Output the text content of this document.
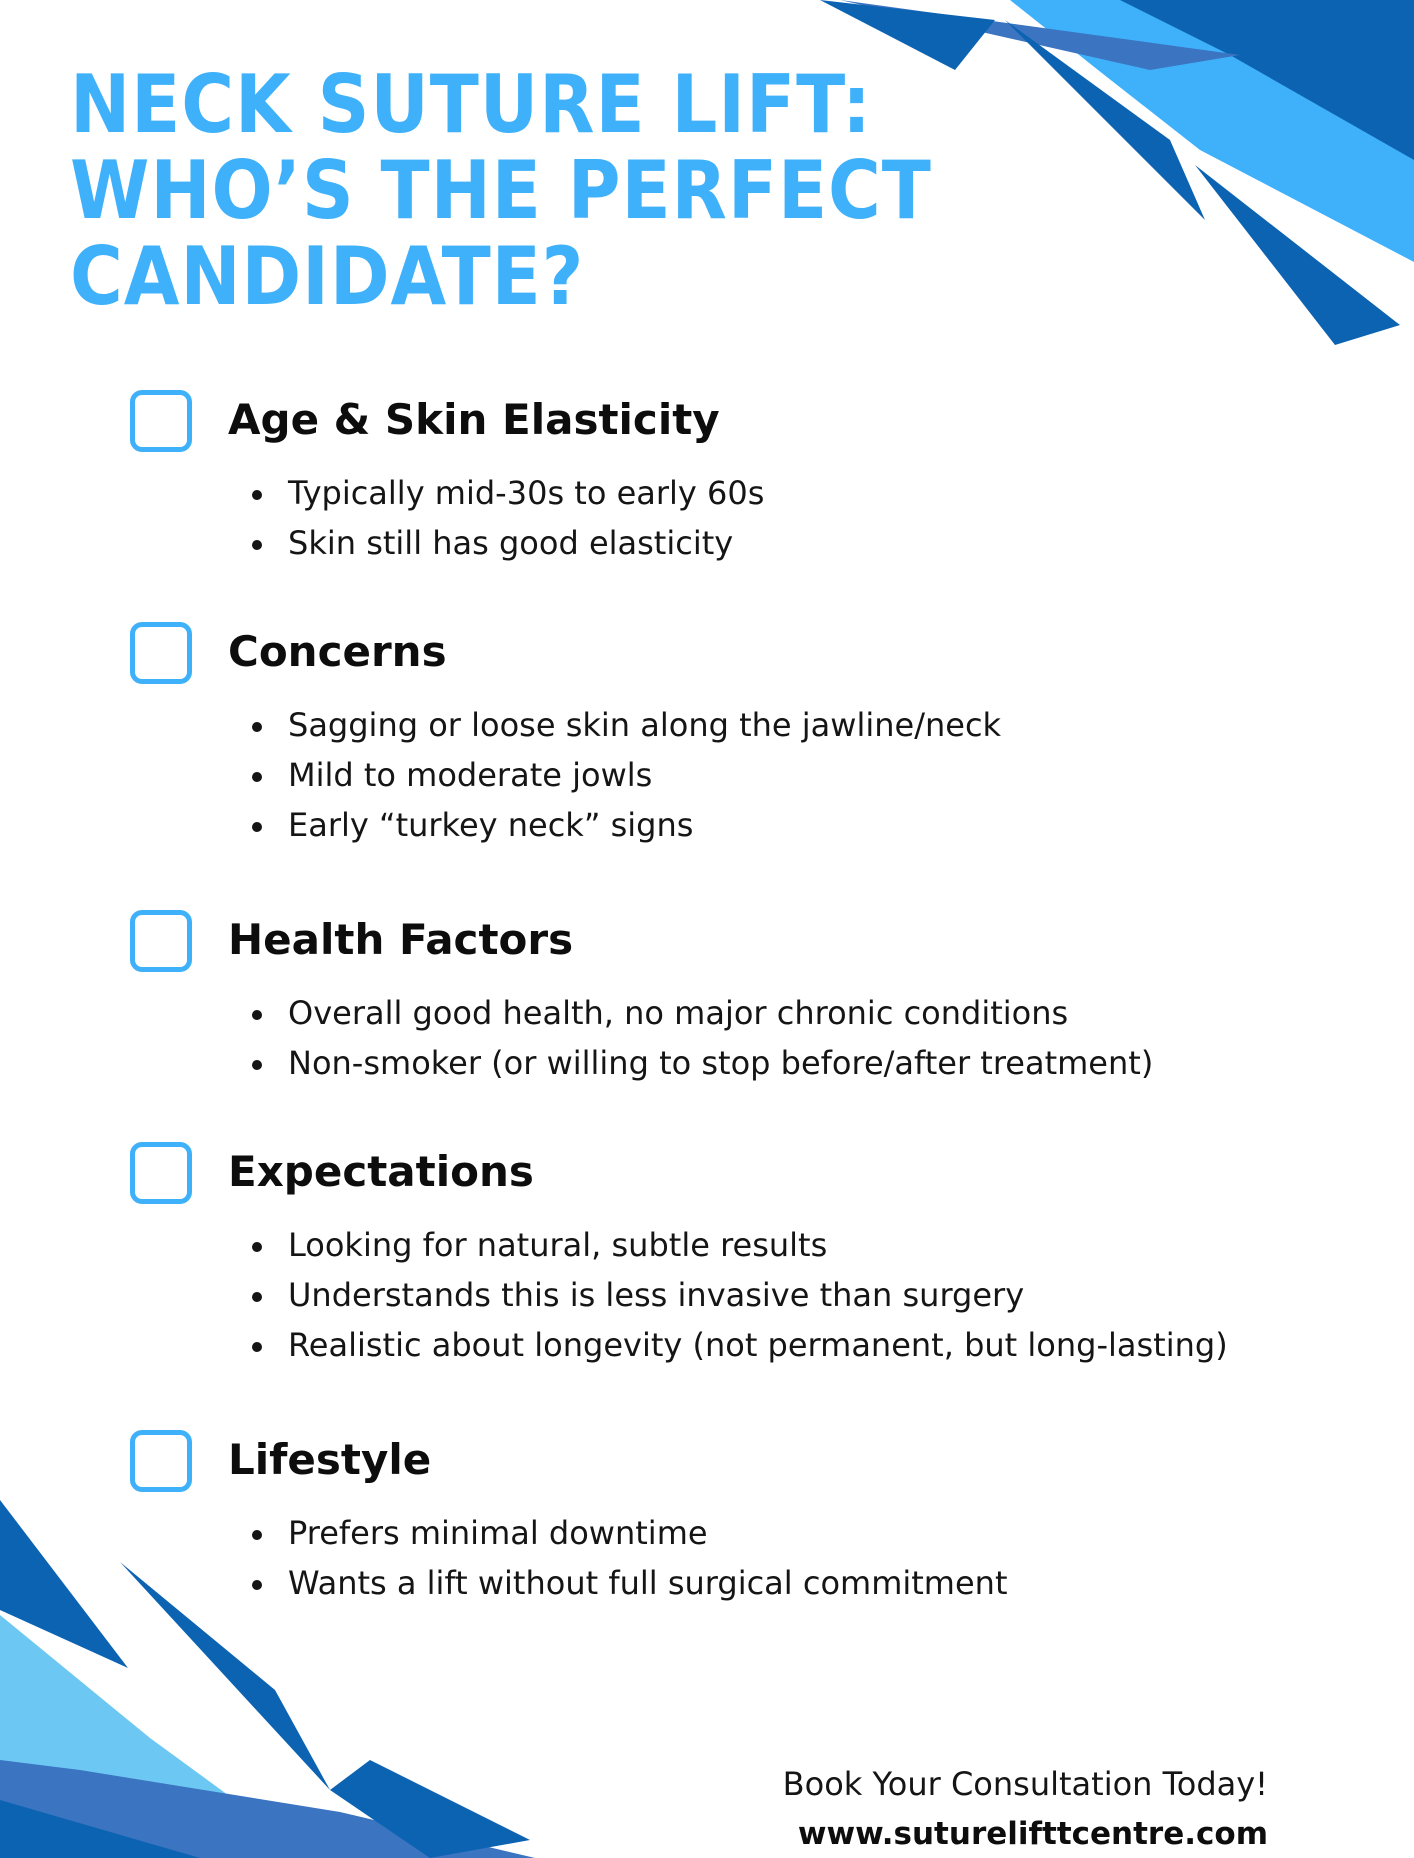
NECK SUTURE LIFT:
WHO’S THE PERFECT
CANDIDATE?
Age & Skin Elasticity
Typically mid-30s to early 60s
Skin still has good elasticity
Concerns
Sagging or loose skin along the jawline/neck
Mild to moderate jowls
Early “turkey neck” signs
Health Factors
Overall good health, no major chronic conditions
Non-smoker (or willing to stop before/after treatment)
Expectations
Looking for natural, subtle results
Understands this is less invasive than surgery
Realistic about longevity (not permanent, but long-lasting)
Lifestyle
Prefers minimal downtime
Wants a lift without full surgical commitment
Book Your Consultation Today!
www.suturelifttcentre.com
